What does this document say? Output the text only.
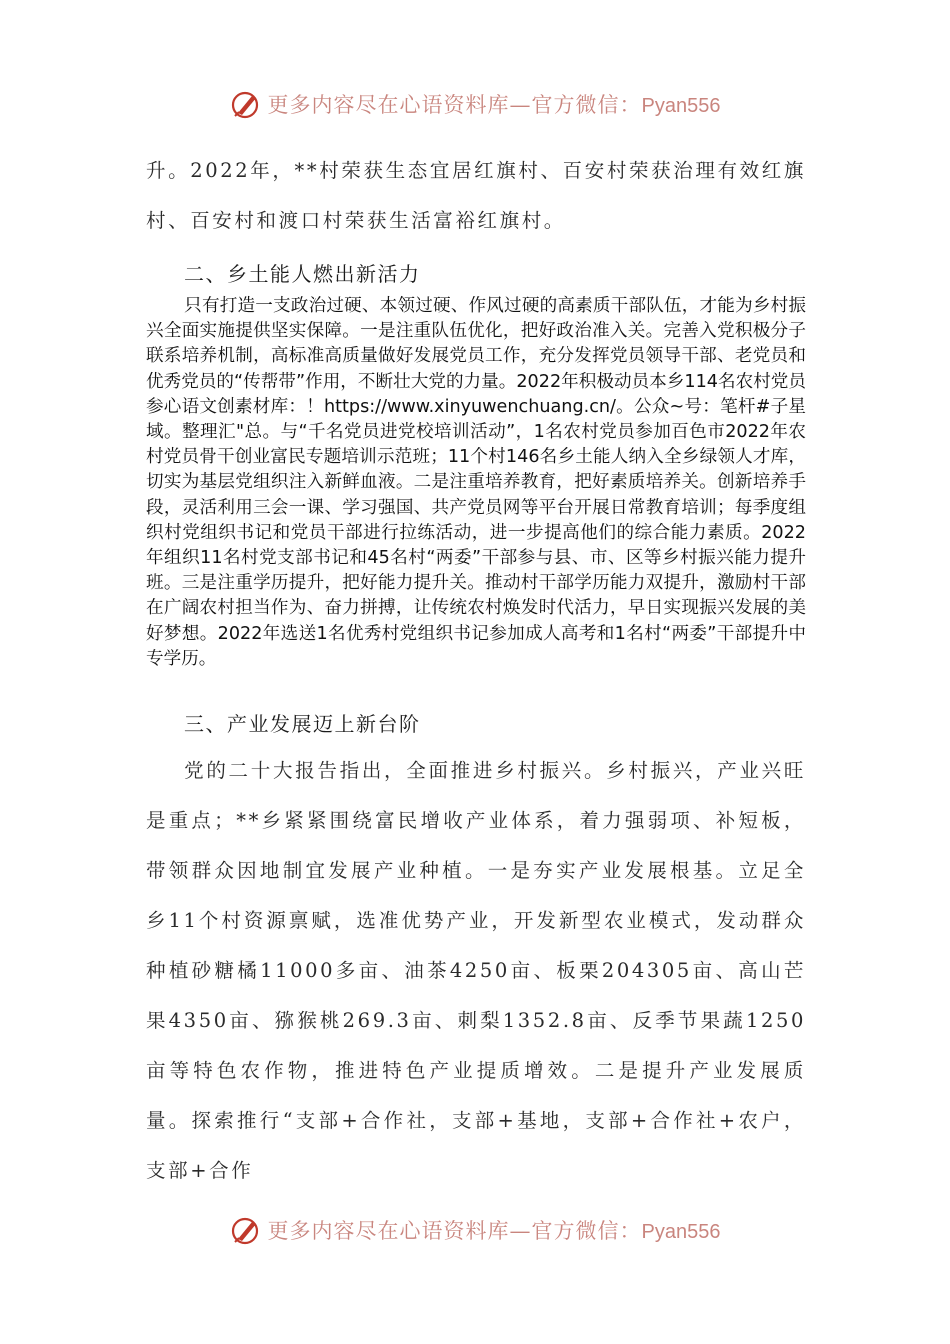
更多内容尽在心语资料库—官方微信：Pyan556
升。2022年，**村荣获生态宜居红旗村、百安村荣获治理有效红旗村、百安村和渡口村荣获生活富裕红旗村。
二、乡土能人燃出新活力
只有打造一支政治过硬、本领过硬、作风过硬的高素质干部队伍，才能为乡村振兴全面实施提供坚实保障。一是注重队伍优化，把好政治准入关。完善入党积极分子联系培养机制，高标准高质量做好发展党员工作，充分发挥党员领导干部、老党员和优秀党员的“传帮带”作用，不断壮大党的力量。2022年积极动员本乡114名农村党员参心语文创素材库：！https://www.xinyuwenchuang.cn/。公众~号：笔杆#子星域。整理汇"总。与“千名党员进党校培训活动”，1名农村党员参加百色市2022年农村党员骨干创业富民专题培训示范班；11个村146名乡土能人纳入全乡绿领人才库，切实为基层党组织注入新鲜血液。二是注重培养教育，把好素质培养关。创新培养手段，灵活利用三会一课、学习强国、共产党员网等平台开展日常教育培训；每季度组织村党组织书记和党员干部进行拉练活动，进一步提高他们的综合能力素质。2022年组织11名村党支部书记和45名村“两委”干部参与县、市、区等乡村振兴能力提升班。三是注重学历提升，把好能力提升关。推动村干部学历能力双提升，激励村干部在广阔农村担当作为、奋力拼搏，让传统农村焕发时代活力，早日实现振兴发展的美好梦想。2022年选送1名优秀村党组织书记参加成人高考和1名村“两委”干部提升中专学历。
三、产业发展迈上新台阶
党的二十大报告指出，全面推进乡村振兴。乡村振兴，产业兴旺是重点；**乡紧紧围绕富民增收产业体系，着力强弱项、补短板，带领群众因地制宜发展产业种植。一是夯实产业发展根基。立足全乡11个村资源禀赋，选准优势产业，开发新型农业模式，发动群众种植砂糖橘11000多亩、油茶4250亩、板栗204305亩、高山芒果4350亩、猕猴桃269.3亩、刺梨1352.8亩、反季节果蔬1250亩等特色农作物，推进特色产业提质增效。二是提升产业发展质量。探索推行“支部+合作社，支部+基地，支部+合作社+农户，支部+合作
更多内容尽在心语资料库—官方微信：Pyan556
